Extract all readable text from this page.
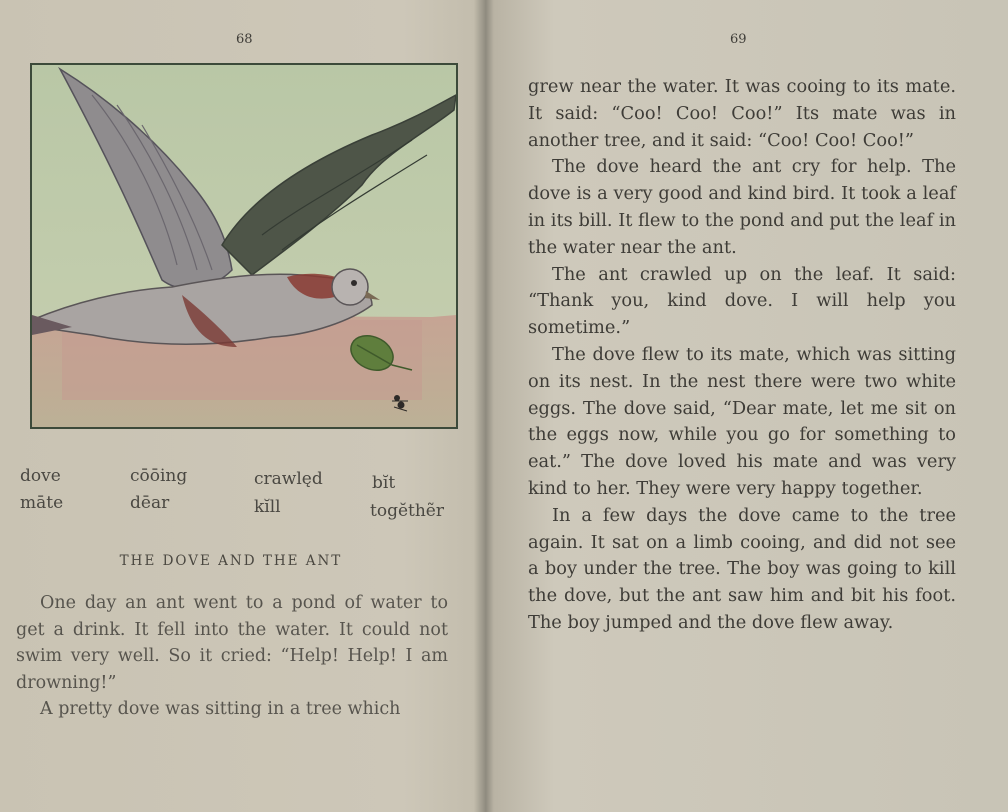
68
dove
māte
cōōing
dēar
crawlęd
kĭll
bĭt
togĕthẽr
THE DOVE AND THE ANT

One day an ant went to a pond of water to get a drink. It fell into the water. It could not swim very well. So it cried: “Help! Help! I am drowning!”

A pretty dove was sitting in a tree which

69

grew near the water. It was cooing to its mate. It said: “Coo! Coo! Coo!” Its mate was in another tree, and it said: “Coo! Coo! Coo!”

The dove heard the ant cry for help. The dove is a very good and kind bird. It took a leaf in its bill. It flew to the pond and put the leaf in the water near the ant.

The ant crawled up on the leaf. It said: “Thank you, kind dove. I will help you sometime.”

The dove flew to its mate, which was sitting on its nest. In the nest there were two white eggs. The dove said, “Dear mate, let me sit on the eggs now, while you go for something to eat.” The dove loved his mate and was very kind to her. They were very happy together.

In a few days the dove came to the tree again. It sat on a limb cooing, and did not see a boy under the tree. The boy was going to kill the dove, but the ant saw him and bit his foot. The boy jumped and the dove flew away.
